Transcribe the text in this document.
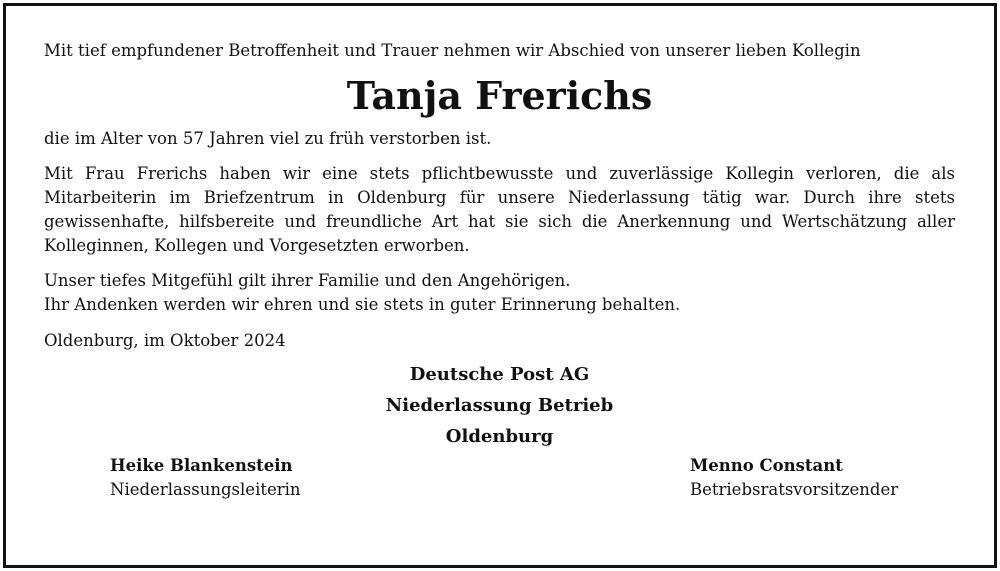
Mit tief empfundener Betroffenheit und Trauer nehmen wir Abschied von unserer lieben Kollegin

Tanja Frerichs

die im Alter von 57 Jahren viel zu früh verstorben ist.

Mit Frau Frerichs haben wir eine stets pflichtbewusste und zuverlässige Kollegin verloren, die als Mitarbeiterin im Briefzentrum in Oldenburg für unsere Niederlassung tätig war. Durch ihre stets gewissenhafte, hilfsbereite und freundliche Art hat sie sich die Anerkennung und Wertschätzung aller Kolleginnen, Kollegen und Vorgesetzten erworben.

Unser tiefes Mitgefühl gilt ihrer Familie und den Angehörigen.
Ihr Andenken werden wir ehren und sie stets in guter Erinnerung behalten.

Oldenburg, im Oktober 2024

Deutsche Post AG
Niederlassung Betrieb
Oldenburg
Heike Blankenstein
Niederlassungsleiterin
Menno Constant
Betriebsratsvorsitzender
